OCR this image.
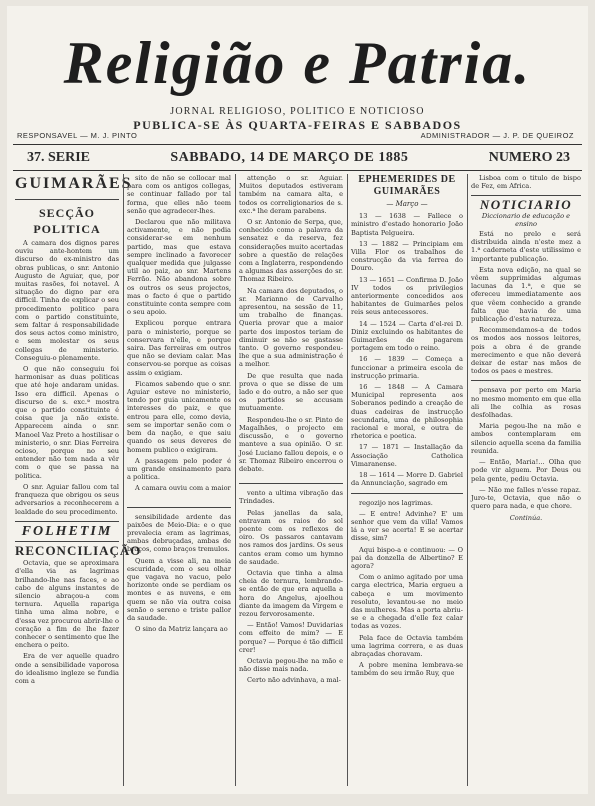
Religião e Patria.
JORNAL RELIGIOSO, POLITICO E NOTICIOSO
PUBLICA-SE ÀS QUARTA-FEIRAS E SABBADOS
RESPONSAVEL — M. J. PINTO	ADMINISTRADOR — J. P. DE QUEIROZ
37. SERIE	SABBADO, 14 DE MARÇO DE 1885	NUMERO 23
GUIMARÃES
SECÇÃO POLITICA

A camara dos dignos pares ouviu ante-hontem um discurso do ex-ministro das obras publicas, o snr. Antonio Augusto de Aguiar, que, por muitas rasões, foi notavel. A situação do digno par era difficil. Tinha de explicar o seu procedimento politico para com o partido constituinte, sem faltar á responsabilidade dos seus actos como ministro, e sem molestar os seus collegas de ministerio. Conseguiu-o plenamente.

O que não conseguiu foi harmonisar as duas politicas que até hoje andaram unidas. Isso era difficil. Apenas o discurso de s. exc.ª mostra que o partido constituinte é coisa que ja não existe. Apparecem ainda o snr. Manoel Vaz Preto a hostilisar o ministerio, o snr. Dias Ferreira ocioso, porque no seu entender não tem nada a vêr com o que se passa na politica.

O snr. Aguiar fallou com tal franqueza que obrigou os seus adversarios a reconhecerem a lealdade do seu procedimento.

FOLHETIM
RECONCILIAÇÃO

Octavia, que se aproximara d'ella via as lagrimas brilhando-lhe nas faces, e ao cabo de alguns instantes de silencio abraçou-a com ternura. Aquella rapariga tinha uma alma nobre, e d'essa vez procurou abrir-lhe o coração a fim de lhe fazer conhecer o sentimento que lhe enchera o peito.

Era de ver aquelle quadro onde a sensibilidade vaporosa do idealismo ingleze se fundia com a

sito de não se collocar mal para com os antigos collegas, se continuar fallado por tal forma, que elles não teem senão que agradecer-lhes.

Declarou que não militava activamente, e não podia considerar-se em nenhum partido, mas que estava sempre inclinado a favorecer qualquer medida que julgasse util ao paiz, ao snr. Martens Ferrão. Não abandona sobre os outros os seus projectos, mas o facto é que o partido constituinte conta sempre com o seu apoio.

Explicou porque entrara para o ministerio, porque se conservara n'elle, e porque saira. Das ferreiras em outros que não se deviam calar. Mas conservou-se porque as coisas assim o exigiam.

Ficamos sabendo que o snr. Aguiar esteve no ministerio, tendo por guia unicamente os interesses do paiz, e que entrou para elle, como devia, sem se importar senão com o bem da nação, e que saiu quando os seus deveres de homem publico o exigiram.

A passagem pelo poder é um grande ensinamento para a politica.

A camara ouviu com a maior

sensibilidade ardente das paixões de Meio-Dia: e o que prevalecia eram as lagrimas, ambas debruçadas, ambas de braços, como braços tremulos.

Quem a visse ali, na meia escuridade, com o seu olhar que vagava no vacuo, pelo horizonte onde se perdiam os montes e as nuvens, e em quem se não via outra coisa senão o sereno e triste pallor da saudade.

O sino da Matriz lançara ao

attenção o sr. Aguiar. Muitos deputados estiveram também na camara alta, e todos os correligionarios de s. exc.ª lhe deram parabens.

O sr. Antonio de Serpa, que, conhecido como a palavra da sensatez e da reserva, fez considerações muito acertadas sobre a questão de relações com a Inglaterra, respondendo a algumas das asserções do sr. Thomaz Ribeiro.

Na camara dos deputados, o sr. Marianno de Carvalho apresentou, na sessão de 11, um trabalho de finanças. Queria provar que a maior parte dos impostos teriam de diminuir se não se gastasse tanto. O governo respondeu-lhe que a sua administração é a melhor.

De que resulta que nada prova o que se disse de um lado e do outro, a não ser que os partidos se accusam mutuamente.

Respondeu-lhe o sr. Pinto de Magalhães, o projecto em discussão, e o governo manteve a sua opinião. O sr. José Luciano fallou depois, e o sr. Thomaz Ribeiro encerrou o debate.

vento a ultima vibração das Trindades.

Pelas janellas da sala, entravam os raios do sol poente com os reflexos de oiro. Os passaros cantavam nos ramos dos jardins. Os seus cantos eram como um hymno de saudade.

Octavia que tinha a alma cheia de ternura, lembrando-se então de que era aquella a hora do Angelus, ajoelhou diante da imagem da Virgem e rezou fervorosamente.

— Então! Vamos! Duvidarias com effeito de mim? — E porque? — Porque é tão difficil crer!

Octavia pegou-lhe na mão e não disse mais nada.

Certo não advinhava, a mal-

EPHEMERIDES DE GUIMARÃES
— Março —

13 — 1638 — Fallece o ministro d'estado honorario João Baptista Pelgueira.

13 — 1882 — Principiam em Villa Flor os trabalhos de construcção da via ferrea do Douro.

13 — 1651 — Confirma D. João IV todos os privilegios anteriormente concedidos aos habitantes de Guimarães pelos reis seus antecessores.

14 — 1524 — Carta d'el-rei D. Diniz excluindo os habitantes de Guimarães de pagarem portagem em todo o reino.

16 — 1839 — Começa a funccionar a primeira escola de instrucção primaria.

16 — 1848 — A Camara Municipal representa aos Soberanos pedindo a creação de duas cadeiras de instrucção secundaria, uma de philosophia racional e moral, e outra de rhetorica e poetica.

17 — 1871 — Installação da Associação Catholica Vimaranense.

18 — 1614 — Morre D. Gabriel da Annunciação, sagrado em

regozijo nos lagrimas.

— E entre! Advinhe? E' um senhor que vem da villa! Vamos lá a ver se acerta! E se acertar disse, sim?

Aqui bispo-a e continuou: — O pai da donzella de Albertino? E agora?

Com o animo agitado por uma carga electrica, Maria ergueu a cabeça e um movimento resoluto, levantou-se no meio das mulheres. Mas a porta abriu-se e a chegada d'elle fez calar todas as vozes.

Pela face de Octavia também uma lagrima correra, e as duas abraçadas choravam.

A pobre menina lembrava-se também do seu irmão Ruy, que

Lisboa com o titulo de bispo de Fez, em Africa.

NOTICIARIO
Diccionario de educação e ensino

Está no prelo e será distribuida ainda n'este mez a 1.ª caderneta d'este utilissimo e importante publicação.

Esta nova edição, na qual se vêem supprimidas algumas lacunas da 1.ª, e que se ofereceu immediatamente aos que vêem conhecido a grande falta que havia de uma publicação d'esta natureza.

Recommendamos-a de todos os modos aos nossos leitores, pois a obra é de grande merecimento e que não deverá deixar de estar nas mãos de todos os paes e mestres.

pensava por perto em Maria no mesmo momento em que ella ali lhe colhia as rosas desfolhadas.

Maria pegou-lhe na mão e ambos contemplaram em silencio aquella scena da familia reunida.

— Então, Maria!... Olha que pode vir alguem. Por Deus ou pela gente, pediu Octavia.

— Não me falles n'esse rapaz. Juro-te, Octavia, que não o quero para nada, e que chore.

Continúa.
